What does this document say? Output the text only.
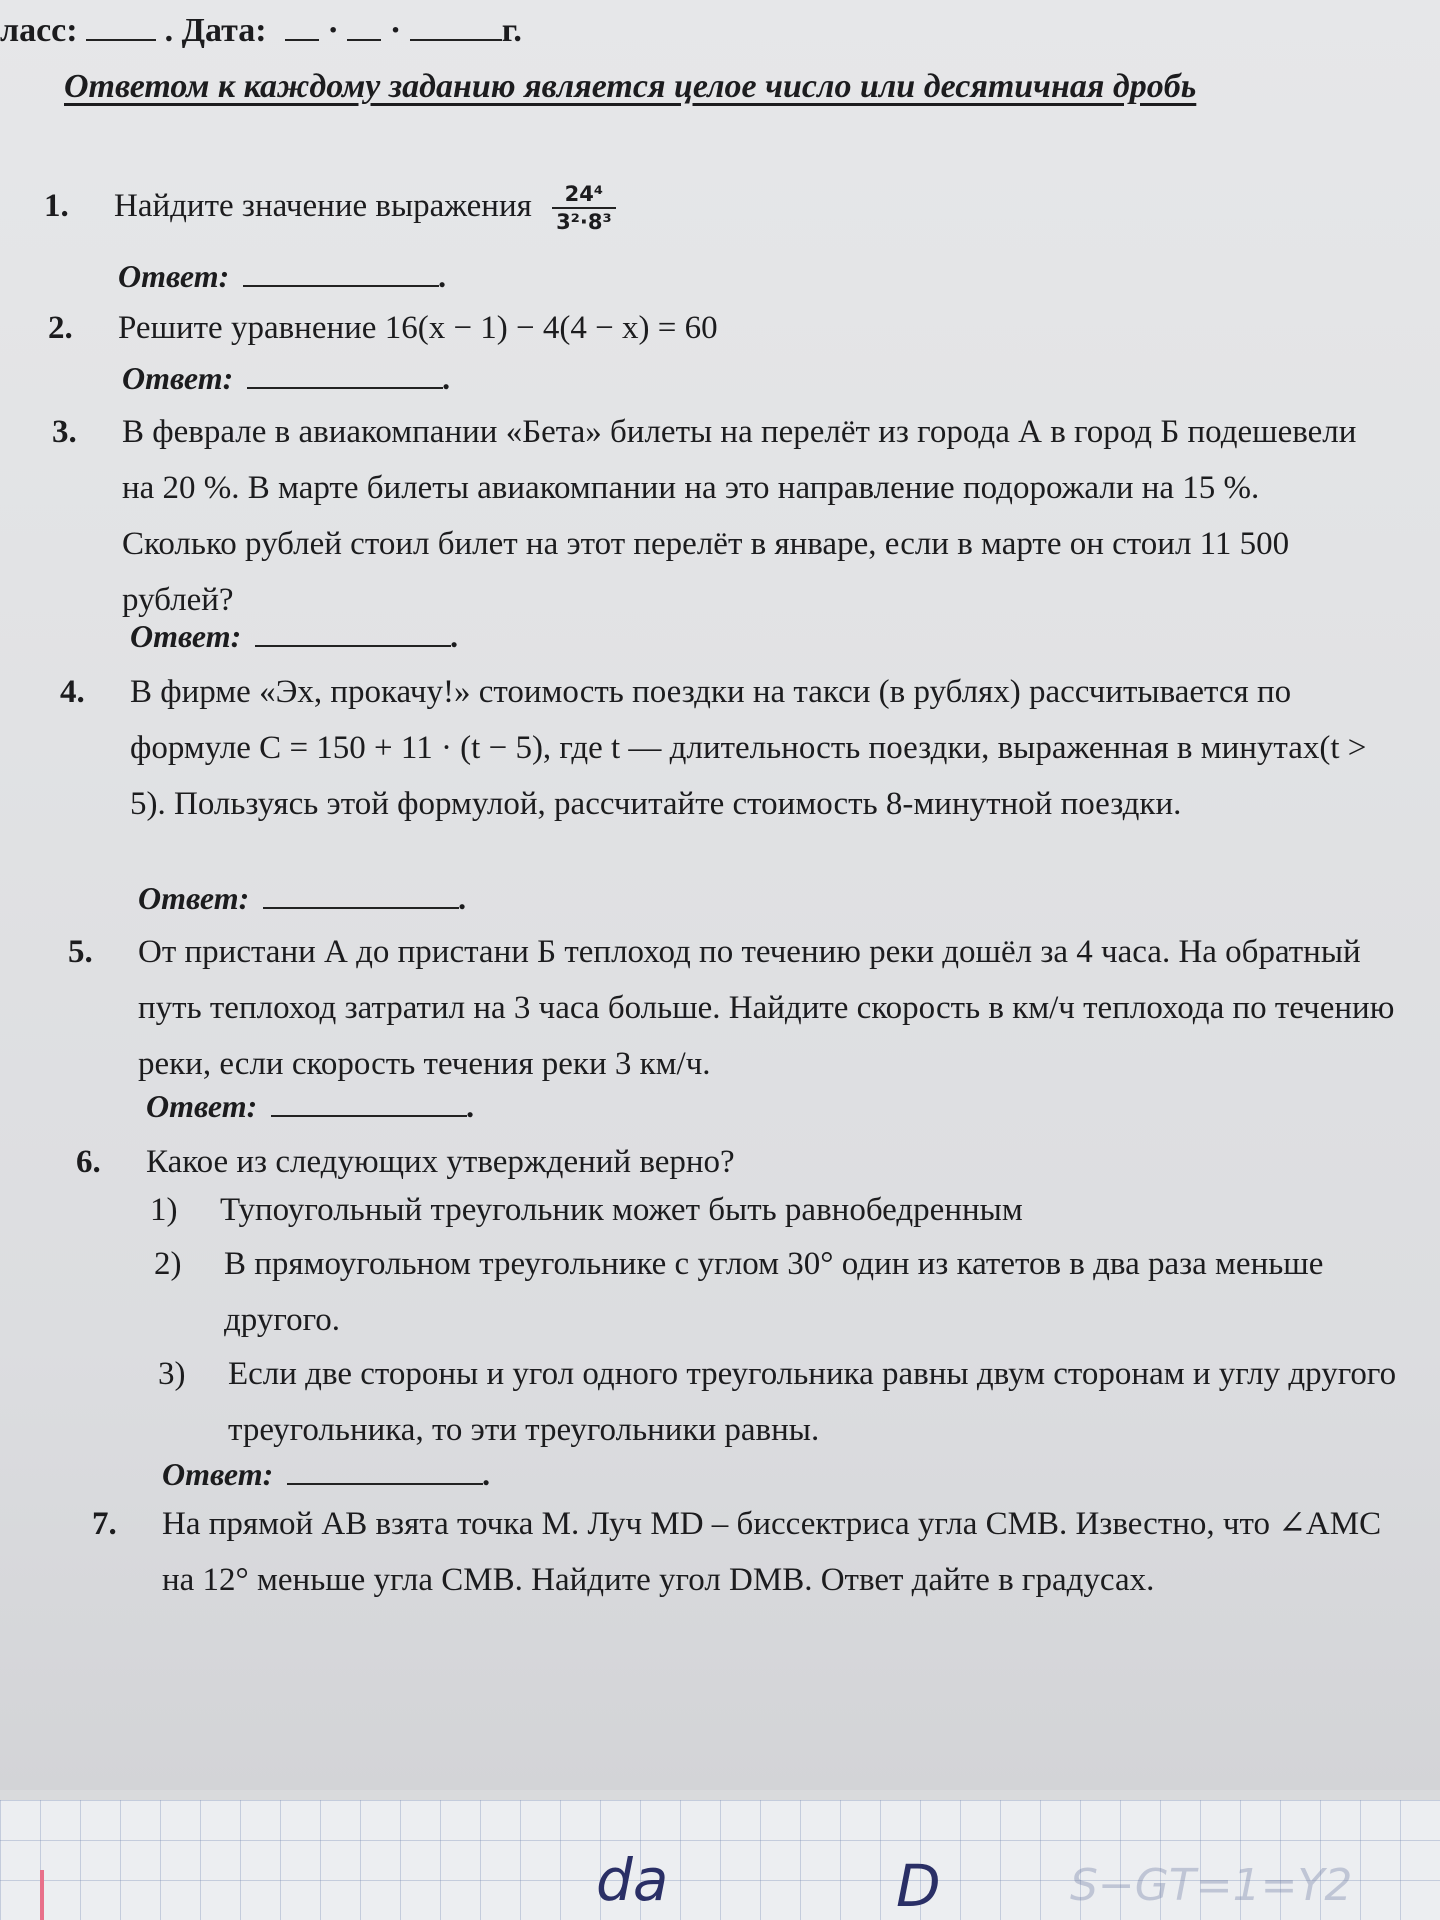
ласс:	. Дата: · ·	г.
Ответом к каждому заданию является целое число или десятичная дробь
1. Найдите значение выражения $\frac{\text{24⁴}}{\text{3²·8³}}$
Ответ:	.
2. Решите уравнение 16(x − 1) − 4(4 − x) = 60
Ответ:	.
3. В феврале в авиакомпании «Бета» билеты на перелёт из города А в город Б подешевели на 20 %. В марте билеты авиакомпании на это направление подорожали на 15 %. Сколько рублей стоил билет на этот перелёт в январе, если в марте он стоил 11 500 рублей?
Ответ:	.
4. В фирме «Эх, прокачу!» стоимость поездки на такси (в рублях) рассчитывается по формуле C = 150 + 11 · (t − 5), где t — длительность поездки, выраженная в минутах(t > 5). Пользуясь этой формулой, рассчитайте стоимость 8-минутной поездки.
Ответ:	.
5. От пристани А до пристани Б теплоход по течению реки дошёл за 4 часа. На обратный путь теплоход затратил на 3 часа больше. Найдите скорость в км/ч теплохода по течению реки, если скорость течения реки 3 км/ч.
Ответ:	.
6. Какое из следующих утверждений верно?
1) Тупоугольный треугольник может быть равнобедренным
2) В прямоугольном треугольнике с углом 30° один из катетов в два раза меньше другого.
3) Если две стороны и угол одного треугольника равны двум сторонам и углу другого треугольника, то эти треугольники равны.
Ответ:	.
7. На прямой AB взята точка M. Луч MD – биссектриса угла CMB. Известно, что ∠AMC на 12° меньше угла CMB. Найдите угол DMB. Ответ дайте в градусах.
da	D	S−GT=1=Y2
